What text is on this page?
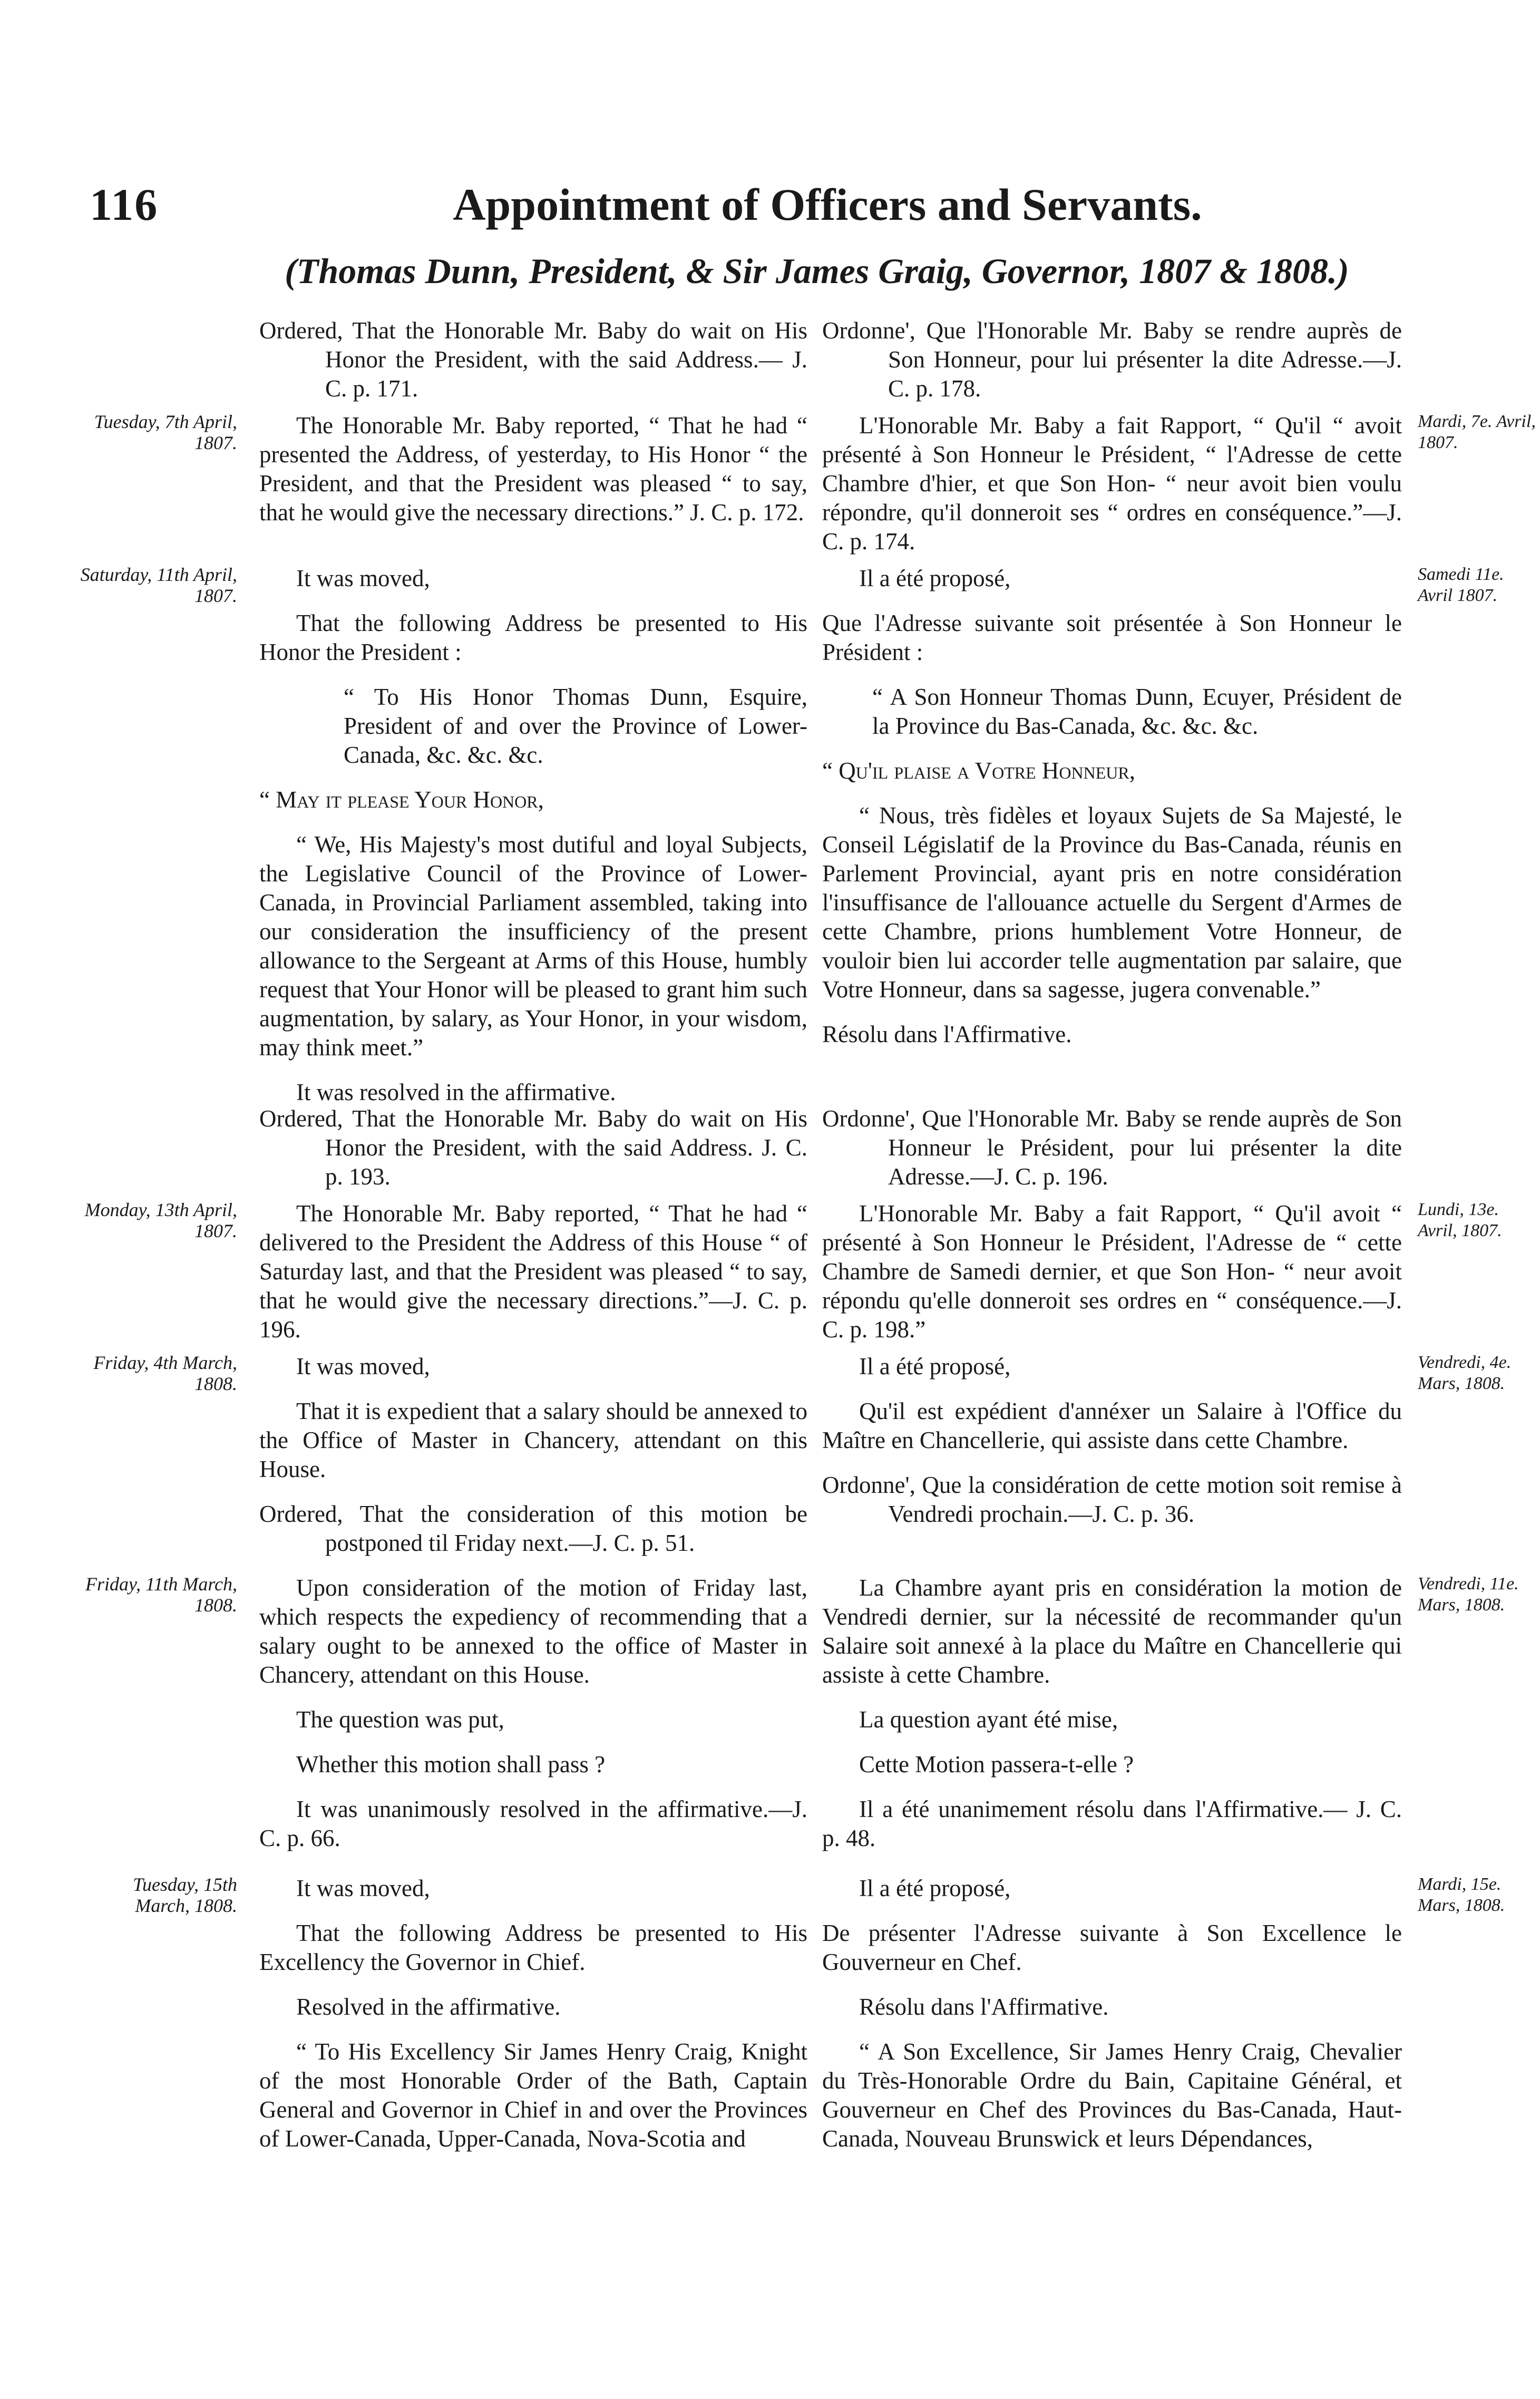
116	Appointment of Officers and Servants.
(Thomas Dunn, President, & Sir James Graig, Governor, 1807 & 1808.)

Ordered, That the Honorable Mr. Baby do wait on His Honor the President, with the said Address.— J. C. p. 171.

Ordonne', Que l'Honorable Mr. Baby se rendre auprès de Son Honneur, pour lui présenter la dite Adresse.—J. C. p. 178.

Tuesday, 7th April, 1807.
Mardi, 7e. Avril, 1807.

The Honorable Mr. Baby reported, “ That he had “ presented the Address, of yesterday, to His Honor “ the President, and that the President was pleased “ to say, that he would give the necessary directions.” J. C. p. 172.

L'Honorable Mr. Baby a fait Rapport, “ Qu'il “ avoit présenté à Son Honneur le Président, “ l'Adresse de cette Chambre d'hier, et que Son Hon- “ neur avoit bien voulu répondre, qu'il donneroit ses “ ordres en conséquence.”—J. C. p. 174.

Saturday, 11th April, 1807.
Samedi 11e. Avril 1807.

It was moved,

That the following Address be presented to His Honor the President :

“ To His Honor Thomas Dunn, Esquire, President of and over the Province of Lower-Canada, &c. &c. &c.

“ May it please Your Honor,

“ We, His Majesty's most dutiful and loyal Subjects, the Legislative Council of the Province of Lower-Canada, in Provincial Parliament assembled, taking into our consideration the insufficiency of the present allowance to the Sergeant at Arms of this House, humbly request that Your Honor will be pleased to grant him such augmentation, by salary, as Your Honor, in your wisdom, may think meet.”

It was resolved in the affirmative.

Il a été proposé,

Que l'Adresse suivante soit présentée à Son Honneur le Président :

“ A Son Honneur Thomas Dunn, Ecuyer, Président de la Province du Bas-Canada, &c. &c. &c.

“ Qu'il plaise a Votre Honneur,

“ Nous, très fidèles et loyaux Sujets de Sa Majesté, le Conseil Législatif de la Province du Bas-Canada, réunis en Parlement Provincial, ayant pris en notre considération l'insuffisance de l'allouance actuelle du Sergent d'Armes de cette Chambre, prions humblement Votre Honneur, de vouloir bien lui accorder telle augmentation par salaire, que Votre Honneur, dans sa sagesse, jugera convenable.”

Résolu dans l'Affirmative.

Ordered, That the Honorable Mr. Baby do wait on His Honor the President, with the said Address. J. C. p. 193.

Ordonne', Que l'Honorable Mr. Baby se rende auprès de Son Honneur le Président, pour lui présenter la dite Adresse.—J. C. p. 196.

Monday, 13th April, 1807.
Lundi, 13e. Avril, 1807.

The Honorable Mr. Baby reported, “ That he had “ delivered to the President the Address of this House “ of Saturday last, and that the President was pleased “ to say, that he would give the necessary directions.”—J. C. p. 196.

L'Honorable Mr. Baby a fait Rapport, “ Qu'il avoit “ présenté à Son Honneur le Président, l'Adresse de “ cette Chambre de Samedi dernier, et que Son Hon- “ neur avoit répondu qu'elle donneroit ses ordres en “ conséquence.—J. C. p. 198.”

Friday, 4th March, 1808.
Vendredi, 4e. Mars, 1808.

It was moved,

That it is expedient that a salary should be annexed to the Office of Master in Chancery, attendant on this House.

Ordered, That the consideration of this motion be postponed til Friday next.—J. C. p. 51.

Il a été proposé,

Qu'il est expédient d'annéxer un Salaire à l'Office du Maître en Chancellerie, qui assiste dans cette Chambre.

Ordonne', Que la considération de cette motion soit remise à Vendredi prochain.—J. C. p. 36.

Friday, 11th March, 1808.
Vendredi, 11e. Mars, 1808.

Upon consideration of the motion of Friday last, which respects the expediency of recommending that a salary ought to be annexed to the office of Master in Chancery, attendant on this House.

The question was put,

Whether this motion shall pass ?

It was unanimously resolved in the affirmative.—J. C. p. 66.

La Chambre ayant pris en considération la motion de Vendredi dernier, sur la nécessité de recommander qu'un Salaire soit annexé à la place du Maître en Chancellerie qui assiste à cette Chambre.

La question ayant été mise,

Cette Motion passera-t-elle ?

Il a été unanimement résolu dans l'Affirmative.— J. C. p. 48.

Tuesday, 15th March, 1808.
Mardi, 15e. Mars, 1808.

It was moved,

That the following Address be presented to His Excellency the Governor in Chief.

Resolved in the affirmative.

“ To His Excellency Sir James Henry Craig, Knight of the most Honorable Order of the Bath, Captain General and Governor in Chief in and over the Provinces of Lower-Canada, Upper-Canada, Nova-Scotia and

Il a été proposé,

De présenter l'Adresse suivante à Son Excellence le Gouverneur en Chef.

Résolu dans l'Affirmative.

“ A Son Excellence, Sir James Henry Craig, Chevalier du Très-Honorable Ordre du Bain, Capitaine Général, et Gouverneur en Chef des Provinces du Bas-Canada, Haut-Canada, Nouveau Brunswick et leurs Dépendances,
